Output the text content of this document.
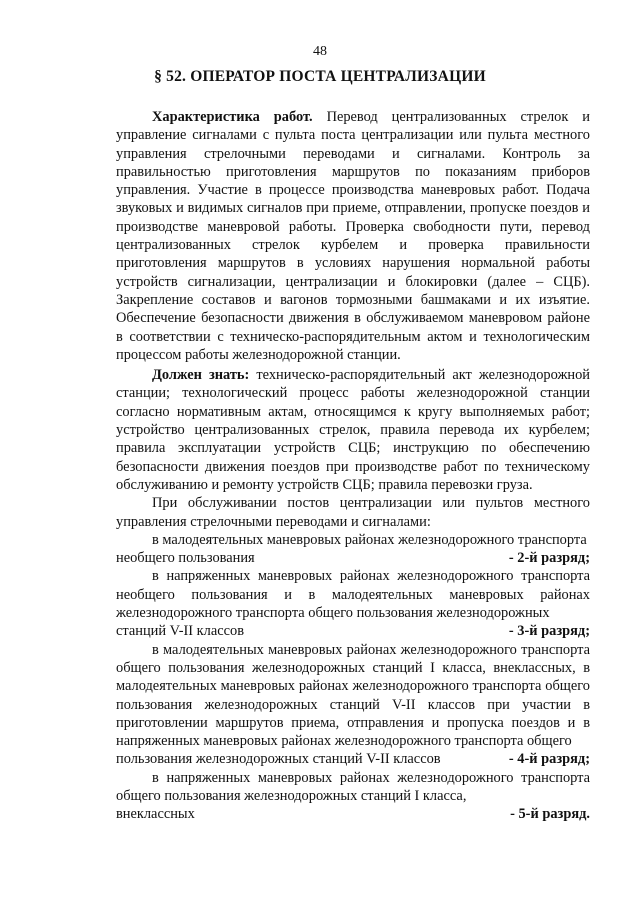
48
§ 52. ОПЕРАТОР ПОСТА ЦЕНТРАЛИЗАЦИИ

Характеристика работ. Перевод централизованных стрелок и управление сигналами с пульта поста централизации или пульта местного управления стрелочными переводами и сигналами. Контроль за правильностью приготовления маршрутов по показаниям приборов управления. Участие в процессе производства маневровых работ. Подача звуковых и видимых сигналов при приеме, отправлении, пропуске поездов и производстве маневровой работы. Проверка свободности пути, перевод централизованных стрелок курбелем и проверка правильности приготовления маршрутов в условиях нарушения нормальной работы устройств сигнализации, централизации и блокировки (далее – СЦБ). Закрепление составов и вагонов тормозными башмаками и их изъятие. Обеспечение безопасности движения в обслуживаемом маневровом районе в соответствии с техническо-распорядительным актом и технологическим процессом работы железнодорожной станции.

Должен знать: техническо-распорядительный акт железнодорожной станции; технологический процесс работы железнодорожной станции согласно нормативным актам, относящимся к кругу выполняемых работ; устройство централизованных стрелок, правила перевода их курбелем; правила эксплуатации устройств СЦБ; инструкцию по обеспечению безопасности движения поездов при производстве работ по техническому обслуживанию и ремонту устройств СЦБ; правила перевозки груза.

При обслуживании постов централизации или пультов местного управления стрелочными переводами и сигналами:

в малодеятельных маневровых районах железнодорожного транспорта

необщего пользования	- 2-й разряд;

в напряженных маневровых районах железнодорожного транспорта необщего пользования и в малодеятельных маневровых районах железнодорожного транспорта общего пользования железнодорожных

станций V-II классов	- 3-й разряд;

в малодеятельных маневровых районах железнодорожного транспорта общего пользования железнодорожных станций I класса, внеклассных, в малодеятельных маневровых районах железнодорожного транспорта общего пользования железнодорожных станций V-II классов при участии в приготовлении маршрутов приема, отправления и пропуска поездов и в напряженных маневровых районах железнодорожного транспорта общего

пользования железнодорожных станций V-II классов	- 4-й разряд;

в напряженных маневровых районах железнодорожного транспорта общего пользования железнодорожных станций I класса,

внеклассных	- 5-й разряд.
